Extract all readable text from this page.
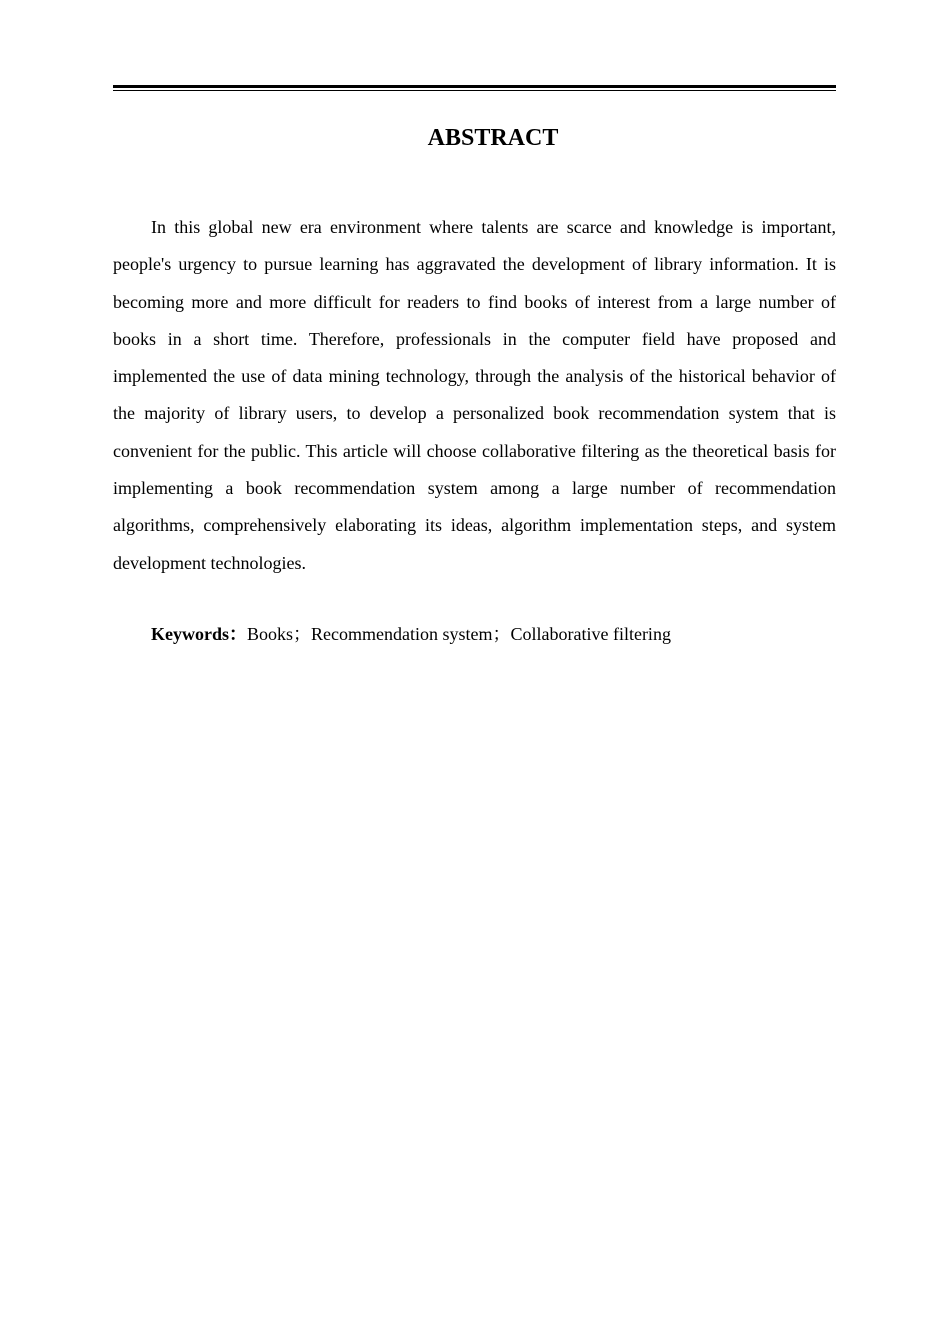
ABSTRACT

In this global new era environment where talents are scarce and knowledge is important, people's urgency to pursue learning has aggravated the development of library information. It is becoming more and more difficult for readers to find books of interest from a large number of books in a short time. Therefore, professionals in the computer field have proposed and implemented the use of data mining technology, through the analysis of the historical behavior of the majority of library users, to develop a personalized book recommendation system that is convenient for the public. This article will choose collaborative filtering as the theoretical basis for implementing a book recommendation system among a large number of recommendation algorithms, comprehensively elaborating its ideas, algorithm implementation steps, and system development technologies.

Keywords：Books；Recommendation system；Collaborative filtering
